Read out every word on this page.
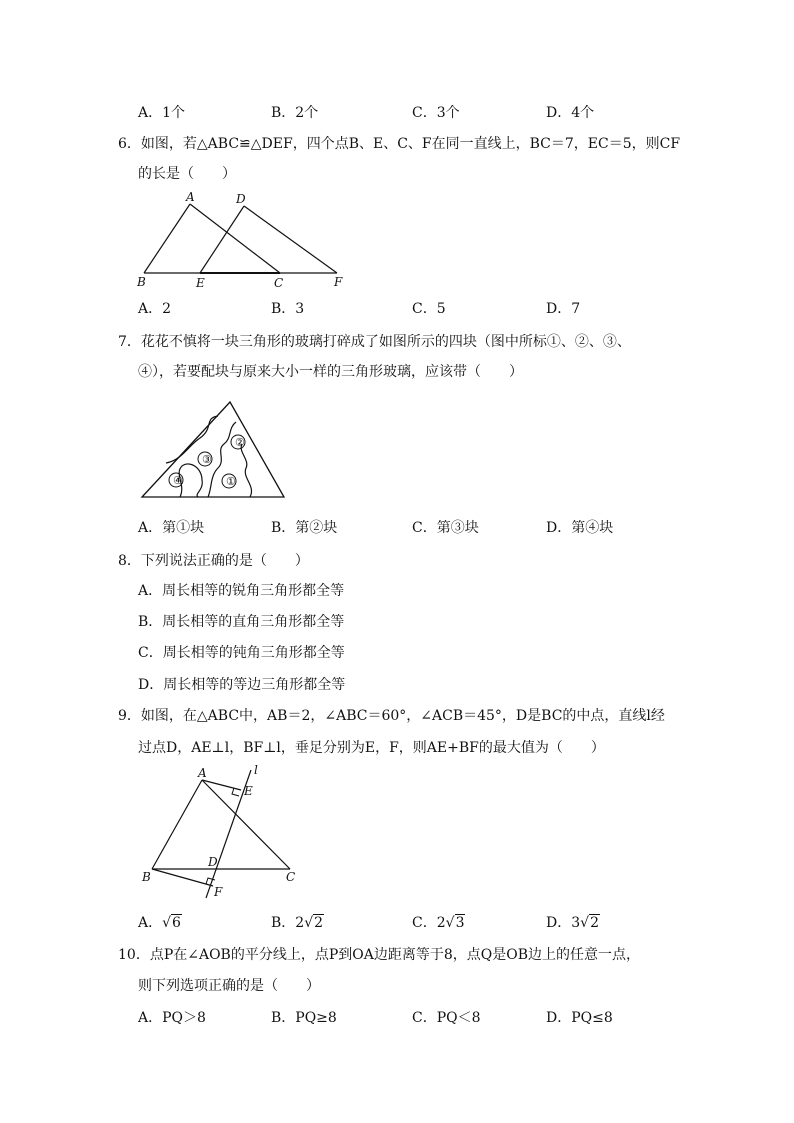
A．1个	B．2个	C．3个	D．4个
6．如图，若△ABC≌△DEF，四个点B、E、C、F在同一直线上，BC＝7，EC＝5，则CF
的长是（　　）
A	D
B	E	C	F
A．2	B．3	C．5	D．7
7．花花不慎将一块三角形的玻璃打碎成了如图所示的四块（图中所标①、②、③、
④），若要配块与原来大小一样的三角形玻璃，应该带（　　）
④
③
②
①
A．第①块	B．第②块	C．第③块	D．第④块
8．下列说法正确的是（　　）
A．周长相等的锐角三角形都全等
B．周长相等的直角三角形都全等
C．周长相等的钝角三角形都全等
D．周长相等的等边三角形都全等
9．如图，在△ABC中，AB＝2，∠ABC＝60°，∠ACB＝45°，D是BC的中点，直线l经
过点D，AE⊥l，BF⊥l，垂足分别为E，F，则AE+BF的最大值为（　　）
A	l
E
B
D
C
F
A．√6	B．2√2	C．2√3	D．3√2
10．点P在∠AOB的平分线上，点P到OA边距离等于8，点Q是OB边上的任意一点，
则下列选项正确的是（　　）
A．PQ＞8	B．PQ≥8	C．PQ＜8	D．PQ≤8
